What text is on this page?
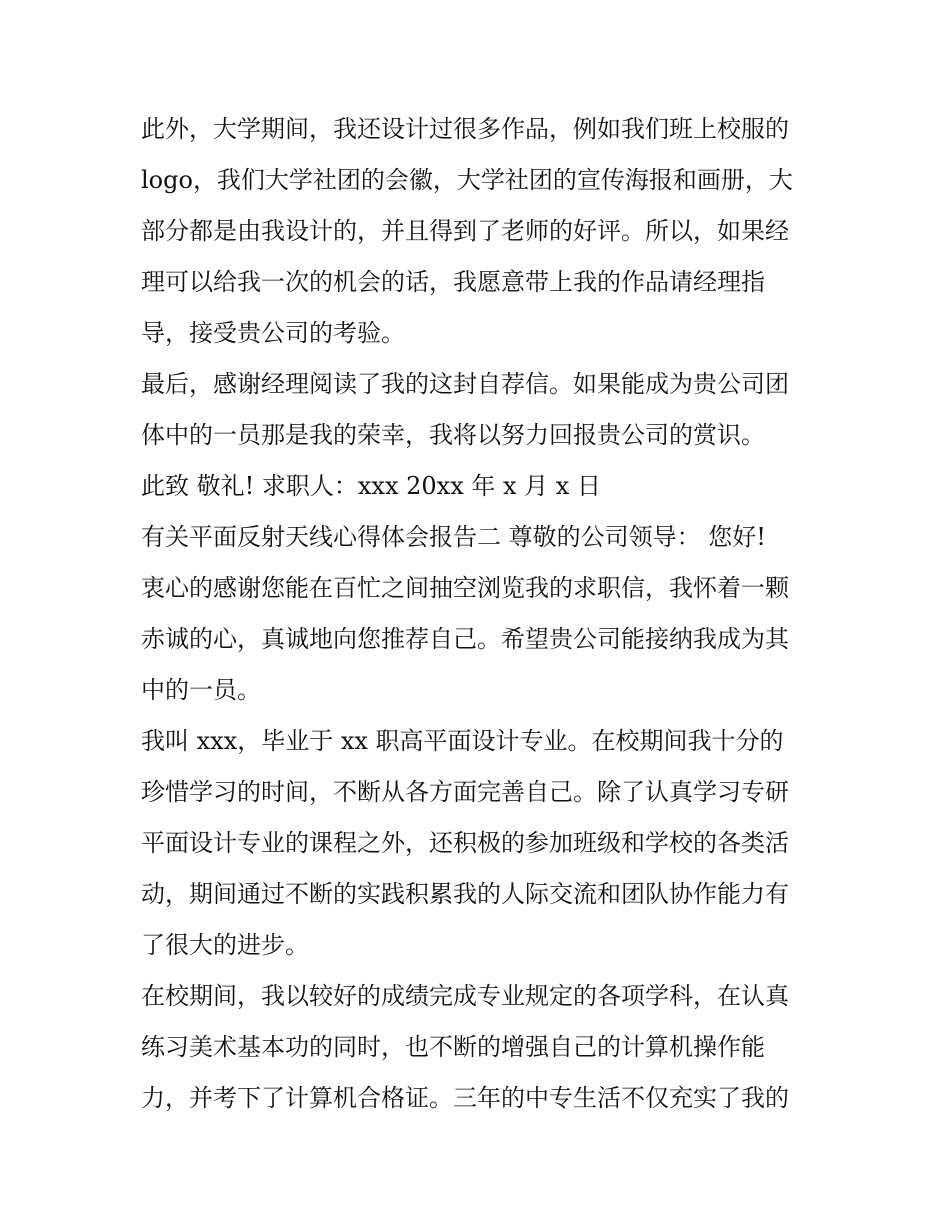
此外，大学期间，我还设计过很多作品，例如我们班上校服的
logo，我们大学社团的会徽，大学社团的宣传海报和画册，大
部分都是由我设计的，并且得到了老师的好评。所以，如果经
理可以给我一次的机会的话，我愿意带上我的作品请经理指
导，接受贵公司的考验。
最后，感谢经理阅读了我的这封自荐信。如果能成为贵公司团
体中的一员那是我的荣幸，我将以努力回报贵公司的赏识。
此致 敬礼! 求职人：xxx 20xx 年 x 月 x 日
有关平面反射天线心得体会报告二 尊敬的公司领导： 您好!
衷心的感谢您能在百忙之间抽空浏览我的求职信，我怀着一颗
赤诚的心，真诚地向您推荐自己。希望贵公司能接纳我成为其
中的一员。
我叫 xxx，毕业于 xx 职高平面设计专业。在校期间我十分的
珍惜学习的时间，不断从各方面完善自己。除了认真学习专研
平面设计专业的课程之外，还积极的参加班级和学校的各类活
动，期间通过不断的实践积累我的人际交流和团队协作能力有
了很大的进步。
在校期间，我以较好的成绩完成专业规定的各项学科，在认真
练习美术基本功的同时，也不断的增强自己的计算机操作能
力，并考下了计算机合格证。三年的中专生活不仅充实了我的
